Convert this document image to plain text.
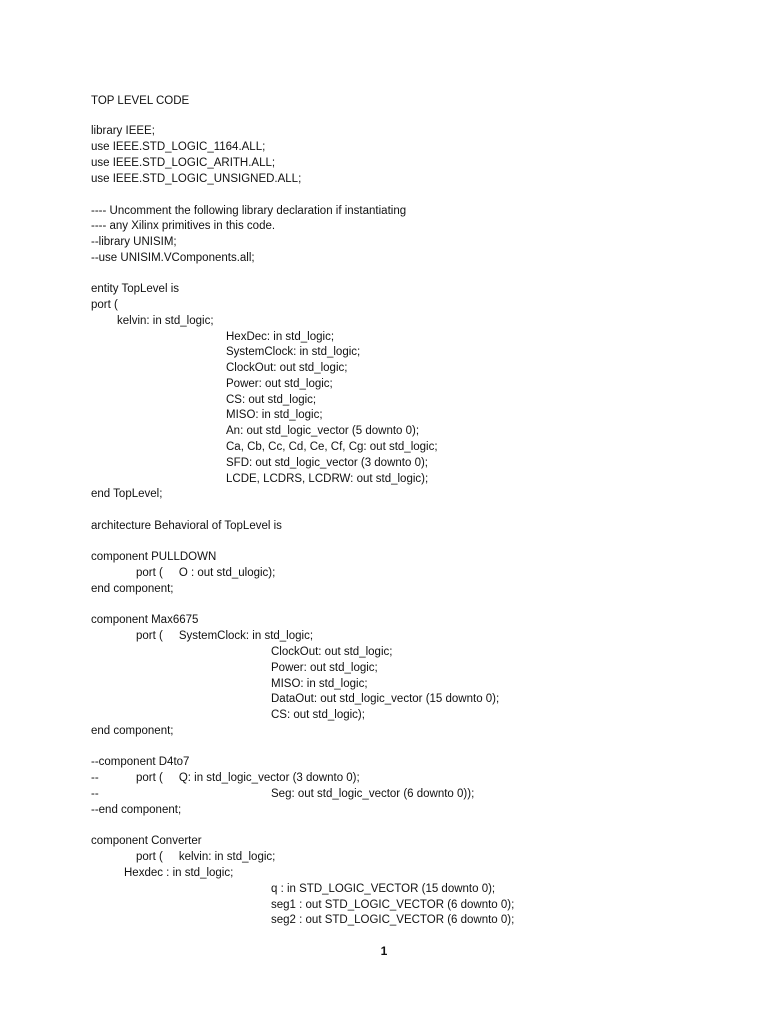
TOP LEVEL CODE

library IEEE;

use IEEE.STD_LOGIC_1164.ALL;

use IEEE.STD_LOGIC_ARITH.ALL;

use IEEE.STD_LOGIC_UNSIGNED.ALL;

---- Uncomment the following library declaration if instantiating

---- any Xilinx primitives in this code.

--library UNISIM;

--use UNISIM.VComponents.all;

entity TopLevel is

port (

kelvin: in std_logic;

HexDec: in std_logic;

SystemClock: in std_logic;

ClockOut: out std_logic;

Power: out std_logic;

CS: out std_logic;

MISO: in std_logic;

An: out std_logic_vector (5 downto 0);

Ca, Cb, Cc, Cd, Ce, Cf, Cg: out std_logic;

SFD: out std_logic_vector (3 downto 0);

LCDE, LCDRS, LCDRW: out std_logic);

end TopLevel;

architecture Behavioral of TopLevel is

component PULLDOWN

port (     O : out std_ulogic);

end component;

component Max6675

port (     SystemClock: in std_logic;

ClockOut: out std_logic;

Power: out std_logic;

MISO: in std_logic;

DataOut: out std_logic_vector (15 downto 0);

CS: out std_logic);

end component;

--component D4to7

--	port (     Q: in std_logic_vector (3 downto 0);

--	Seg: out std_logic_vector (6 downto 0));

--end component;

component Converter

port (     kelvin: in std_logic;

Hexdec : in std_logic;

q : in STD_LOGIC_VECTOR (15 downto 0);

seg1 : out STD_LOGIC_VECTOR (6 downto 0);

seg2 : out STD_LOGIC_VECTOR (6 downto 0);

1
